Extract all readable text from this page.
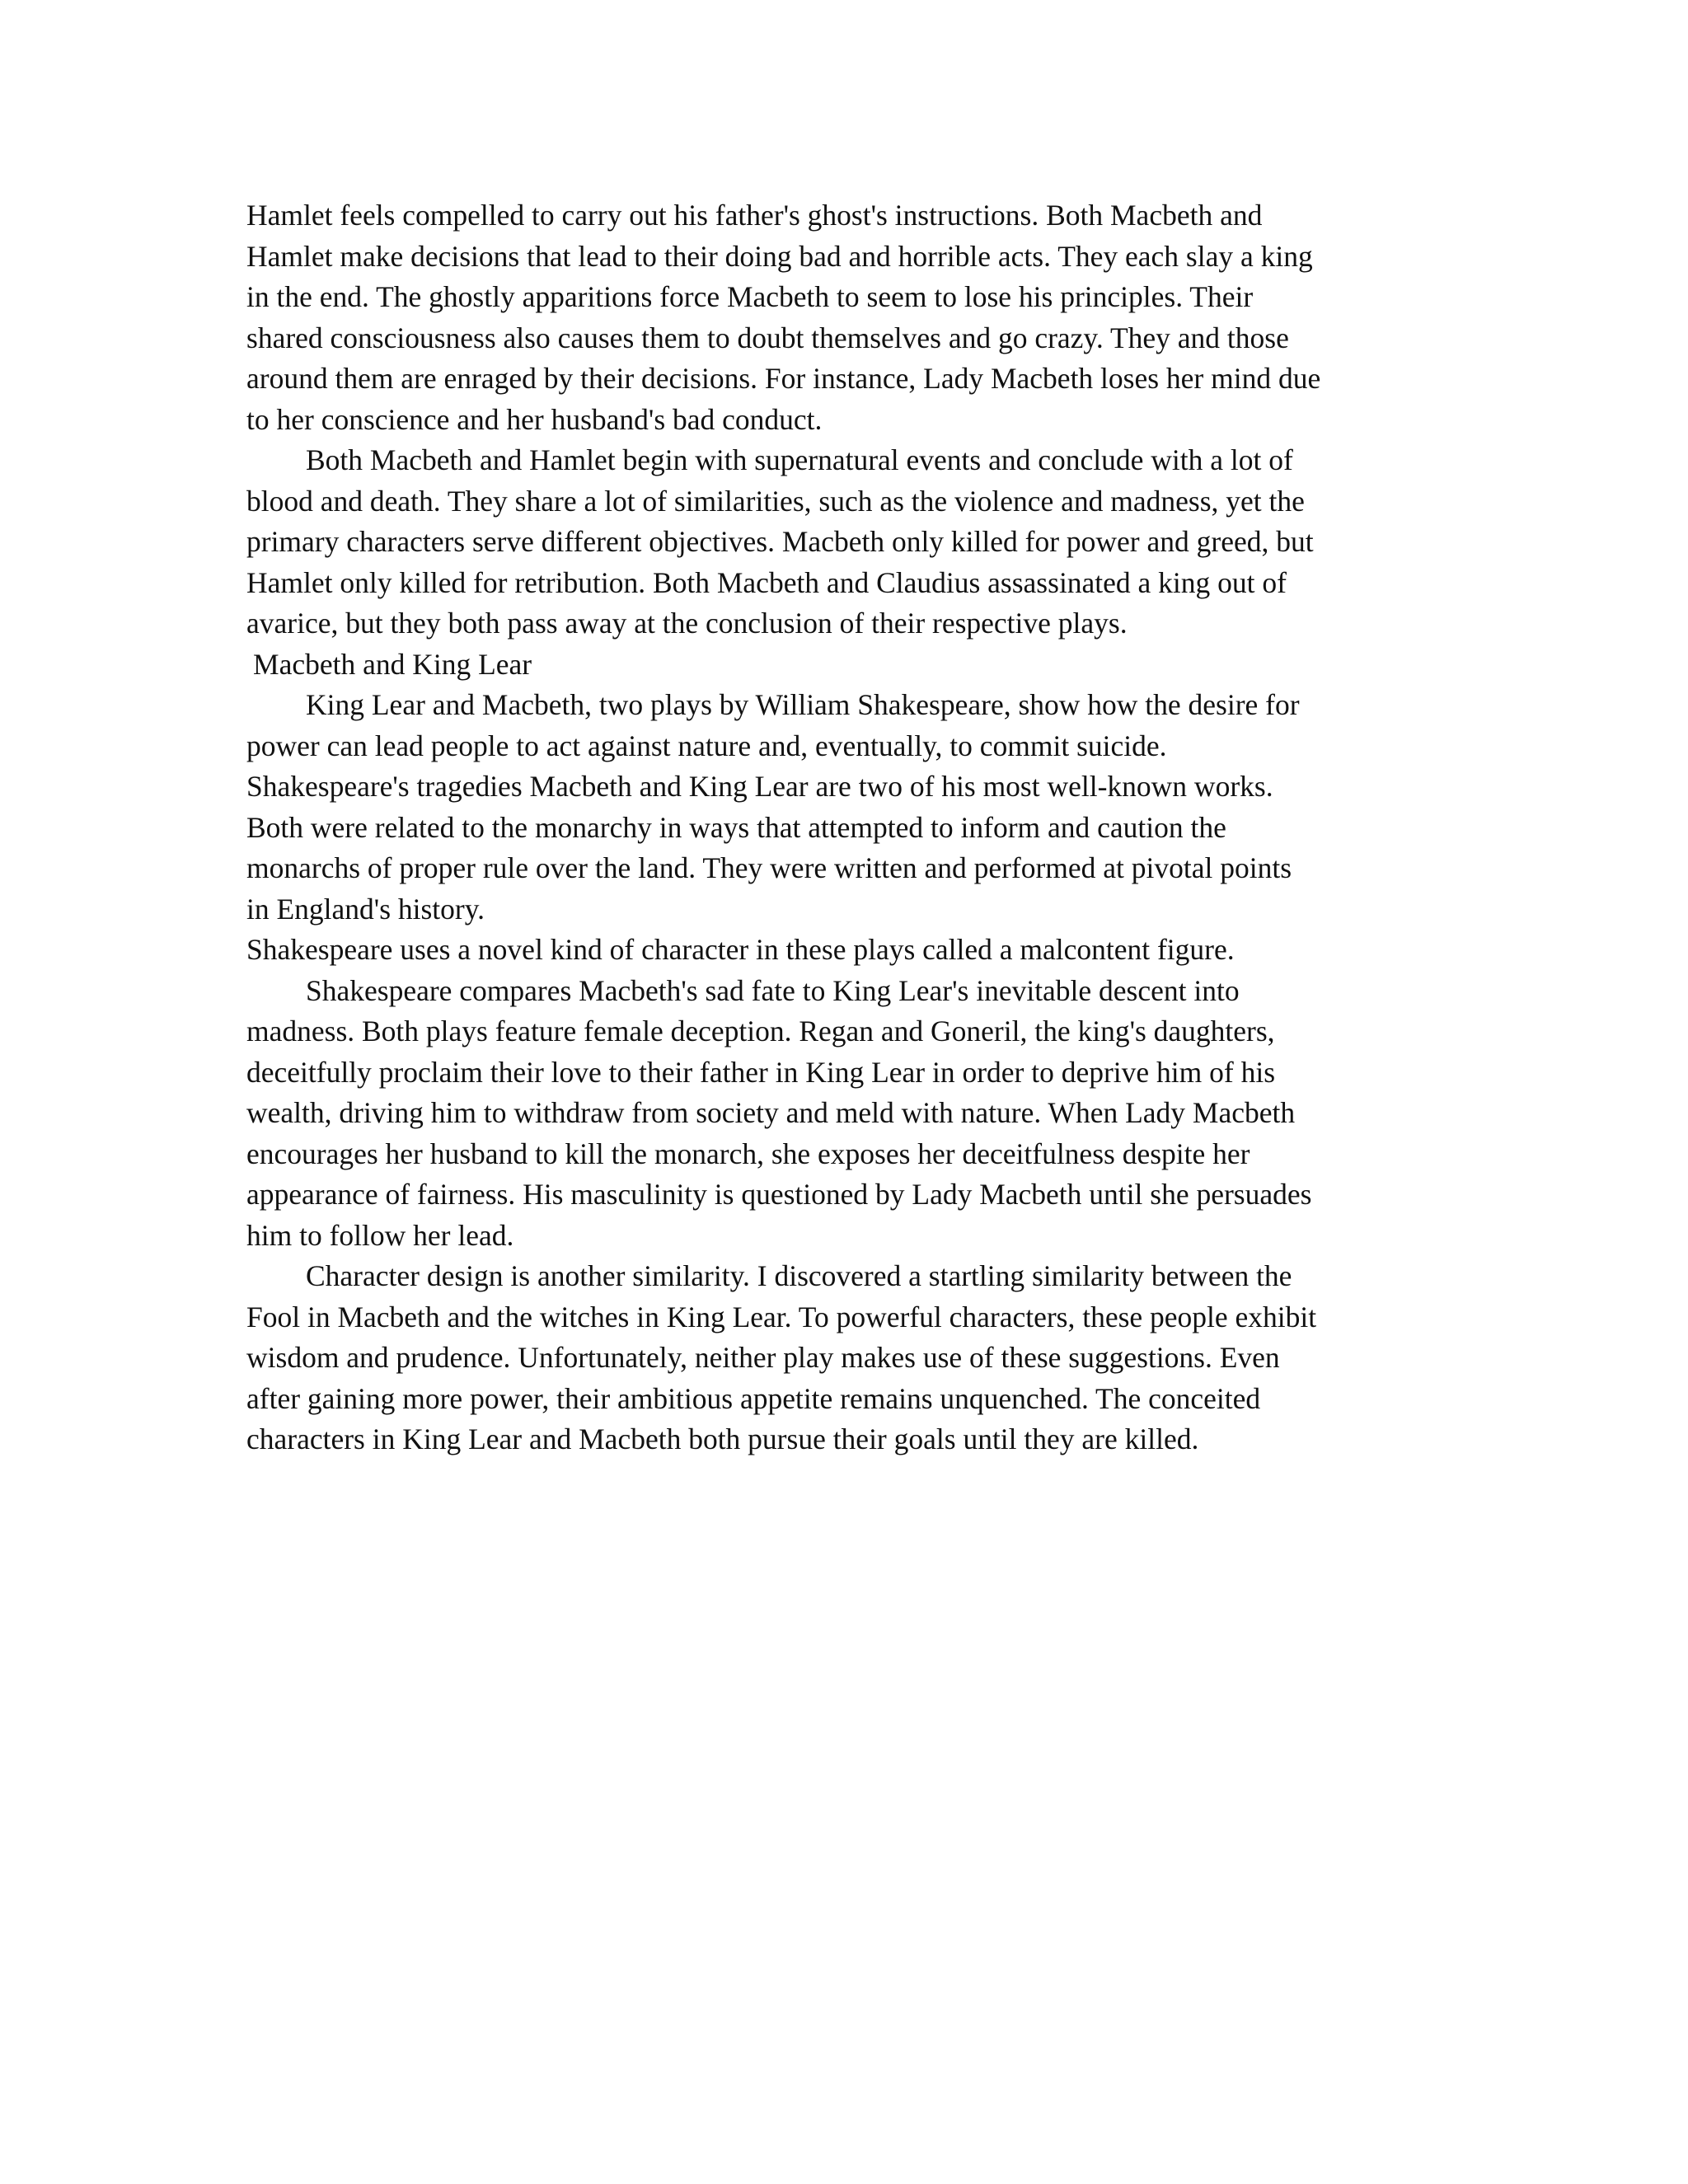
Hamlet feels compelled to carry out his father's ghost's instructions. Both Macbeth and
Hamlet make decisions that lead to their doing bad and horrible acts. They each slay a king
in the end. The ghostly apparitions force Macbeth to seem to lose his principles. Their
shared consciousness also causes them to doubt themselves and go crazy. They and those
around them are enraged by their decisions. For instance, Lady Macbeth loses her mind due
to her conscience and her husband's bad conduct.
Both Macbeth and Hamlet begin with supernatural events and conclude with a lot of
blood and death. They share a lot of similarities, such as the violence and madness, yet the
primary characters serve different objectives. Macbeth only killed for power and greed, but
Hamlet only killed for retribution. Both Macbeth and Claudius assassinated a king out of
avarice, but they both pass away at the conclusion of their respective plays.
Macbeth and King Lear
King Lear and Macbeth, two plays by William Shakespeare, show how the desire for
power can lead people to act against nature and, eventually, to commit suicide.
Shakespeare's tragedies Macbeth and King Lear are two of his most well-known works.
Both were related to the monarchy in ways that attempted to inform and caution the
monarchs of proper rule over the land. They were written and performed at pivotal points
in England's history.
Shakespeare uses a novel kind of character in these plays called a malcontent figure.
Shakespeare compares Macbeth's sad fate to King Lear's inevitable descent into
madness. Both plays feature female deception. Regan and Goneril, the king's daughters,
deceitfully proclaim their love to their father in King Lear in order to deprive him of his
wealth, driving him to withdraw from society and meld with nature. When Lady Macbeth
encourages her husband to kill the monarch, she exposes her deceitfulness despite her
appearance of fairness. His masculinity is questioned by Lady Macbeth until she persuades
him to follow her lead.
Character design is another similarity. I discovered a startling similarity between the
Fool in Macbeth and the witches in King Lear. To powerful characters, these people exhibit
wisdom and prudence. Unfortunately, neither play makes use of these suggestions. Even
after gaining more power, their ambitious appetite remains unquenched. The conceited
characters in King Lear and Macbeth both pursue their goals until they are killed.
